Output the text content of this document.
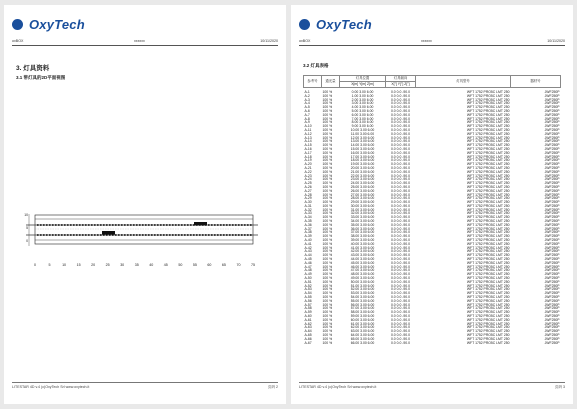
OxyTech
oxBOX	xxxxxx	10/11/2020
3. 灯具资料
3.1 带灯具的2D平面视图
10
5
0
0	5	10	15	20	25	30	35	40	45	50	55	60	65	70	75
LITESTAR 4D v.4 (c)OxyTech Srl www.oxytech.it	页码 2
OxyTech
oxBOX	xxxxxx	10/11/2020
3.2 灯具表格
参考号	通光量	灯具位置	灯具朝向	灯具型号	器材号
		X[m] Y[m] Z[m]	X[°] Y[°] Z[°]		
A-1	100 %	0.00 3.00 6.00	0.0 0.0 -90.0	WFT 1752 PRO5C LMT 250	JWF250P
A-2	100 %	1.00 3.00 6.00	0.0 0.0 -90.0	WFT 1752 PRO5C LMT 250	JWF250P
A-3	100 %	2.00 3.00 6.00	0.0 0.0 -90.0	WFT 1752 PRO5C LMT 250	JWF250P
A-4	100 %	3.00 3.00 6.00	0.0 0.0 -90.0	WFT 1752 PRO5C LMT 250	JWF250P
A-5	100 %	4.00 3.00 6.00	0.0 0.0 -90.0	WFT 1752 PRO5C LMT 250	JWF250P
A-6	100 %	5.00 3.00 6.00	0.0 0.0 -90.0	WFT 1752 PRO5C LMT 250	JWF250P
A-7	100 %	6.00 3.00 6.00	0.0 0.0 -90.0	WFT 1752 PRO5C LMT 250	JWF250P
A-8	100 %	7.00 3.00 6.00	0.0 0.0 -90.0	WFT 1752 PRO5C LMT 250	JWF250P
A-9	100 %	8.00 3.00 6.00	0.0 0.0 -90.0	WFT 1752 PRO5C LMT 250	JWF250P
A-10	100 %	9.00 3.00 6.00	0.0 0.0 -90.0	WFT 1752 PRO5C LMT 250	JWF250P
A-11	100 %	10.00 3.00 6.00	0.0 0.0 -90.0	WFT 1752 PRO5C LMT 250	JWF250P
A-12	100 %	11.00 3.00 6.00	0.0 0.0 -90.0	WFT 1752 PRO5C LMT 250	JWF250P
A-13	100 %	12.00 3.00 6.00	0.0 0.0 -90.0	WFT 1752 PRO5C LMT 250	JWF250P
A-14	100 %	13.00 3.00 6.00	0.0 0.0 -90.0	WFT 1752 PRO5C LMT 250	JWF250P
A-15	100 %	14.00 3.00 6.00	0.0 0.0 -90.0	WFT 1752 PRO5C LMT 250	JWF250P
A-16	100 %	15.00 3.00 6.00	0.0 0.0 -90.0	WFT 1752 PRO5C LMT 250	JWF250P
A-17	100 %	16.00 3.00 6.00	0.0 0.0 -90.0	WFT 1752 PRO5C LMT 250	JWF250P
A-18	100 %	17.00 3.00 6.00	0.0 0.0 -90.0	WFT 1752 PRO5C LMT 250	JWF250P
A-19	100 %	18.00 3.00 6.00	0.0 0.0 -90.0	WFT 1752 PRO5C LMT 250	JWF250P
A-20	100 %	19.00 3.00 6.00	0.0 0.0 -90.0	WFT 1752 PRO5C LMT 250	JWF250P
A-21	100 %	20.00 3.00 6.00	0.0 0.0 -90.0	WFT 1752 PRO5C LMT 250	JWF250P
A-22	100 %	21.00 3.00 6.00	0.0 0.0 -90.0	WFT 1752 PRO5C LMT 250	JWF250P
A-23	100 %	22.00 3.00 6.00	0.0 0.0 -90.0	WFT 1752 PRO5C LMT 250	JWF250P
A-24	100 %	23.00 3.00 6.00	0.0 0.0 -90.0	WFT 1752 PRO5C LMT 250	JWF250P
A-25	100 %	24.00 3.00 6.00	0.0 0.0 -90.0	WFT 1752 PRO5C LMT 250	JWF250P
A-26	100 %	25.00 3.00 6.00	0.0 0.0 -90.0	WFT 1752 PRO5C LMT 250	JWF250P
A-27	100 %	26.00 3.00 6.00	0.0 0.0 -90.0	WFT 1752 PRO5C LMT 250	JWF250P
A-28	100 %	27.00 3.00 6.00	0.0 0.0 -90.0	WFT 1752 PRO5C LMT 250	JWF250P
A-29	100 %	28.00 3.00 6.00	0.0 0.0 -90.0	WFT 1752 PRO5C LMT 250	JWF250P
A-30	100 %	29.00 3.00 6.00	0.0 0.0 -90.0	WFT 1752 PRO5C LMT 250	JWF250P
A-31	100 %	30.00 3.00 6.00	0.0 0.0 -90.0	WFT 1752 PRO5C LMT 250	JWF250P
A-32	100 %	31.00 3.00 6.00	0.0 0.0 -90.0	WFT 1752 PRO5C LMT 250	JWF250P
A-33	100 %	32.00 3.00 6.00	0.0 0.0 -90.0	WFT 1752 PRO5C LMT 250	JWF250P
A-34	100 %	33.00 3.00 6.00	0.0 0.0 -90.0	WFT 1752 PRO5C LMT 250	JWF250P
A-35	100 %	34.00 3.00 6.00	0.0 0.0 -90.0	WFT 1752 PRO5C LMT 250	JWF250P
A-36	100 %	35.00 3.00 6.00	0.0 0.0 -90.0	WFT 1752 PRO5C LMT 250	JWF250P
A-37	100 %	36.00 3.00 6.00	0.0 0.0 -90.0	WFT 1752 PRO5C LMT 250	JWF250P
A-38	100 %	37.00 3.00 6.00	0.0 0.0 -90.0	WFT 1752 PRO5C LMT 250	JWF250P
A-39	100 %	38.00 3.00 6.00	0.0 0.0 -90.0	WFT 1752 PRO5C LMT 250	JWF250P
A-40	100 %	39.00 3.00 6.00	0.0 0.0 -90.0	WFT 1752 PRO5C LMT 250	JWF250P
A-41	100 %	40.00 3.00 6.00	0.0 0.0 -90.0	WFT 1752 PRO5C LMT 250	JWF250P
A-42	100 %	41.00 3.00 6.00	0.0 0.0 -90.0	WFT 1752 PRO5C LMT 250	JWF250P
A-43	100 %	42.00 3.00 6.00	0.0 0.0 -90.0	WFT 1752 PRO5C LMT 250	JWF250P
A-44	100 %	43.00 3.00 6.00	0.0 0.0 -90.0	WFT 1752 PRO5C LMT 250	JWF250P
A-45	100 %	44.00 3.00 6.00	0.0 0.0 -90.0	WFT 1752 PRO5C LMT 250	JWF250P
A-46	100 %	45.00 3.00 6.00	0.0 0.0 -90.0	WFT 1752 PRO5C LMT 250	JWF250P
A-47	100 %	46.00 3.00 6.00	0.0 0.0 -90.0	WFT 1752 PRO5C LMT 250	JWF250P
A-48	100 %	47.00 3.00 6.00	0.0 0.0 -90.0	WFT 1752 PRO5C LMT 250	JWF250P
A-49	100 %	48.00 3.00 6.00	0.0 0.0 -90.0	WFT 1752 PRO5C LMT 250	JWF250P
A-50	100 %	49.00 3.00 6.00	0.0 0.0 -90.0	WFT 1752 PRO5C LMT 250	JWF250P
A-51	100 %	50.00 3.00 6.00	0.0 0.0 -90.0	WFT 1752 PRO5C LMT 250	JWF250P
A-52	100 %	51.00 3.00 6.00	0.0 0.0 -90.0	WFT 1752 PRO5C LMT 250	JWF250P
A-53	100 %	52.00 3.00 6.00	0.0 0.0 -90.0	WFT 1752 PRO5C LMT 250	JWF250P
A-54	100 %	53.00 3.00 6.00	0.0 0.0 -90.0	WFT 1752 PRO5C LMT 250	JWF250P
A-55	100 %	54.00 3.00 6.00	0.0 0.0 -90.0	WFT 1752 PRO5C LMT 250	JWF250P
A-56	100 %	55.00 3.00 6.00	0.0 0.0 -90.0	WFT 1752 PRO5C LMT 250	JWF250P
A-57	100 %	56.00 3.00 6.00	0.0 0.0 -90.0	WFT 1752 PRO5C LMT 250	JWF250P
A-58	100 %	57.00 3.00 6.00	0.0 0.0 -90.0	WFT 1752 PRO5C LMT 250	JWF250P
A-59	100 %	58.00 3.00 6.00	0.0 0.0 -90.0	WFT 1752 PRO5C LMT 250	JWF250P
A-60	100 %	59.00 3.00 6.00	0.0 0.0 -90.0	WFT 1752 PRO5C LMT 250	JWF250P
A-61	100 %	60.00 3.00 6.00	0.0 0.0 -90.0	WFT 1752 PRO5C LMT 250	JWF250P
A-62	100 %	61.00 3.00 6.00	0.0 0.0 -90.0	WFT 1752 PRO5C LMT 250	JWF250P
A-63	100 %	62.00 3.00 6.00	0.0 0.0 -90.0	WFT 1752 PRO5C LMT 250	JWF250P
A-64	100 %	63.00 3.00 6.00	0.0 0.0 -90.0	WFT 1752 PRO5C LMT 250	JWF250P
A-65	100 %	64.00 3.00 6.00	0.0 0.0 -90.0	WFT 1752 PRO5C LMT 250	JWF250P
A-66	100 %	65.00 3.00 6.00	0.0 0.0 -90.0	WFT 1752 PRO5C LMT 250	JWF250P
A-67	100 %	66.00 3.00 6.00	0.0 0.0 -90.0	WFT 1752 PRO5C LMT 250	JWF250P
LITESTAR 4D v.4 (c)OxyTech Srl www.oxytech.it	页码 3
